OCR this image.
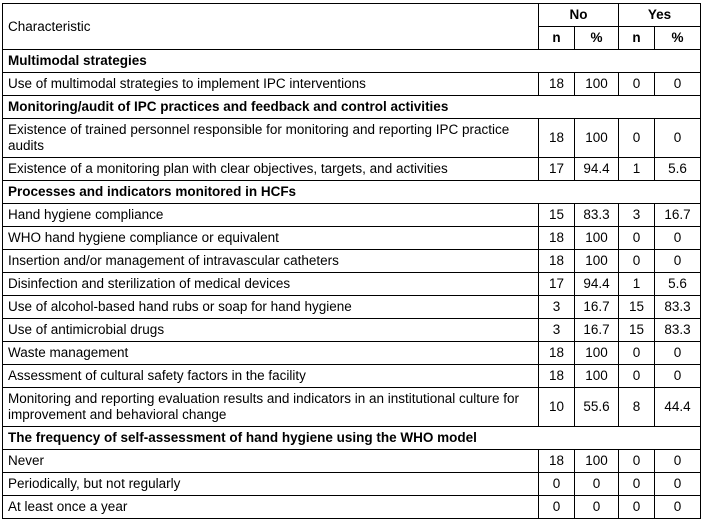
Characteristic	No		Yes	
	n	%	n	%
Multimodal strategies				
Use of multimodal strategies to implement IPC interventions	18	100	0	0
Monitoring/audit of IPC practices and feedback and control activities				
Existence of trained personnel responsible for monitoring and reporting IPC practice audits	18	100	0	0
Existence of a monitoring plan with clear objectives, targets, and activities	17	94.4	1	5.6
Processes and indicators monitored in HCFs				
Hand hygiene compliance	15	83.3	3	16.7
WHO hand hygiene compliance or equivalent	18	100	0	0
Insertion and/or management of intravascular catheters	18	100	0	0
Disinfection and sterilization of medical devices	17	94.4	1	5.6
Use of alcohol-based hand rubs or soap for hand hygiene	3	16.7	15	83.3
Use of antimicrobial drugs	3	16.7	15	83.3
Waste management	18	100	0	0
Assessment of cultural safety factors in the facility	18	100	0	0
Monitoring and reporting evaluation results and indicators in an institutional culture for improvement and behavioral change	10	55.6	8	44.4
The frequency of self-assessment of hand hygiene using the WHO model				
Never	18	100	0	0
Periodically, but not regularly	0	0	0	0
At least once a year	0	0	0	0
